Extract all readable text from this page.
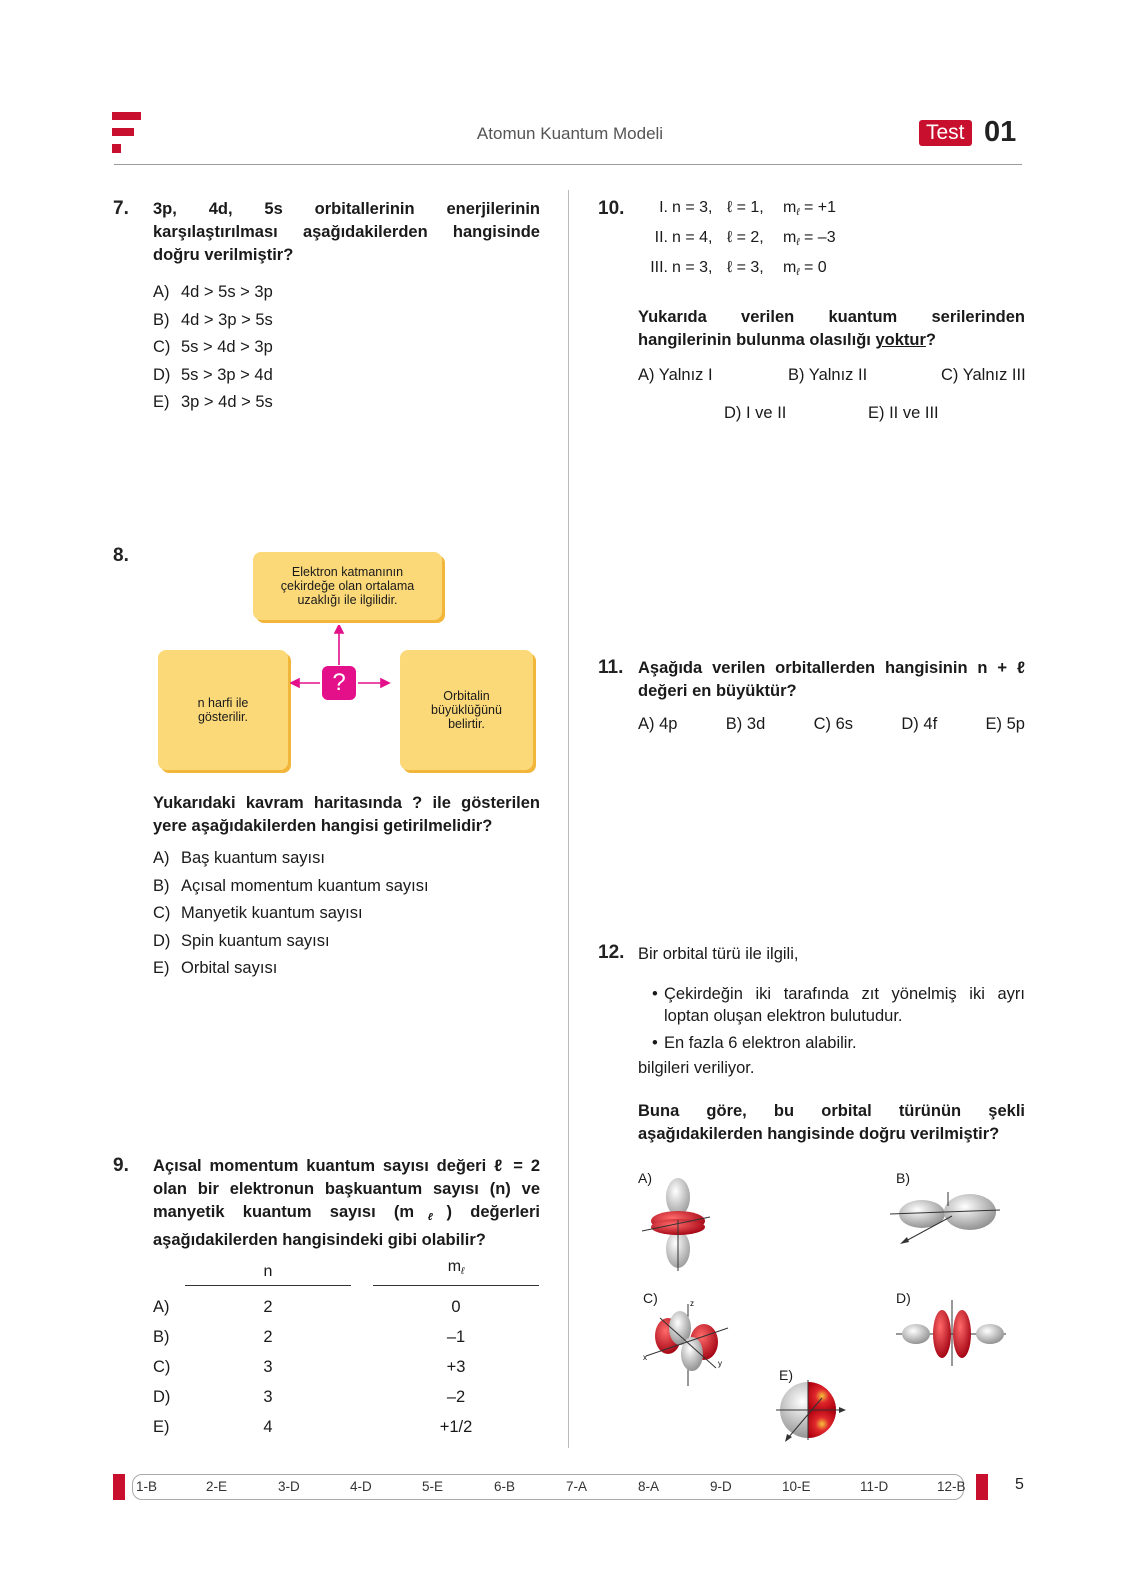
Atomun Kuantum Modeli	Test 01
7. 3p, 4d, 5s orbitallerinin enerjilerinin karşılaştırılması aşağıdakilerden hangisinde doğru verilmiştir?
A) 4d > 5s > 3p
B) 4d > 3p > 5s
C) 5s > 4d > 3p
D) 5s > 3p > 4d
E) 3p > 4d > 5s
8.
Elektron katmanının çekirdeğe olan ortalama uzaklığı ile ilgilidir.
n harfi ile gösterilir.
Orbitalin büyüklüğünü belirtir.
?
Yukarıdaki kavram haritasında ? ile gösterilen yere aşağıdakilerden hangisi getirilmelidir?
A) Baş kuantum sayısı
B) Açısal momentum kuantum sayısı
C) Manyetik kuantum sayısı
D) Spin kuantum sayısı
E) Orbital sayısı
9. Açısal momentum kuantum sayısı değeri ℓ = 2 olan bir elektronun başkuantum sayısı (n) ve manyetik kuantum sayısı $(m_\ell)$ değerleri aşağıdakilerden hangisindeki gibi olabilir?
n	$m_\ell$
A)	2	0
B)	2	–1
C)	3	+3
D)	3	–2
E)	4	+1/2
10. I. n = 3, ℓ = 1, $m_\ell = +1$
II. n = 4, ℓ = 2, $m_\ell = -3$
III. n = 3, ℓ = 3, $m_\ell = 0$
Yukarıda verilen kuantum serilerinden hangilerinin bulunma olasılığı yoktur?
A) Yalnız I	B) Yalnız II	C) Yalnız III
D) I ve II	E) II ve III
11. Aşağıda verilen orbitallerden hangisinin n + ℓ değeri en büyüktür?
A) 4p	B) 3d	C) 6s	D) 4f	E) 5p
12. Bir orbital türü ile ilgili,
• Çekirdeğin iki tarafında zıt yönelmiş iki ayrı loptan oluşan elektron bulutudur.
• En fazla 6 elektron alabilir.
bilgileri veriliyor.
Buna göre, bu orbital türünün şekli aşağıdakilerden hangisinde doğru verilmiştir?
A)	B)
C)	z
x
y
D)
E)
1-B	2-E	3-D	4-D	5-E	6-B	7-A	8-A	9-D	10-E	11-D	12-B	5
